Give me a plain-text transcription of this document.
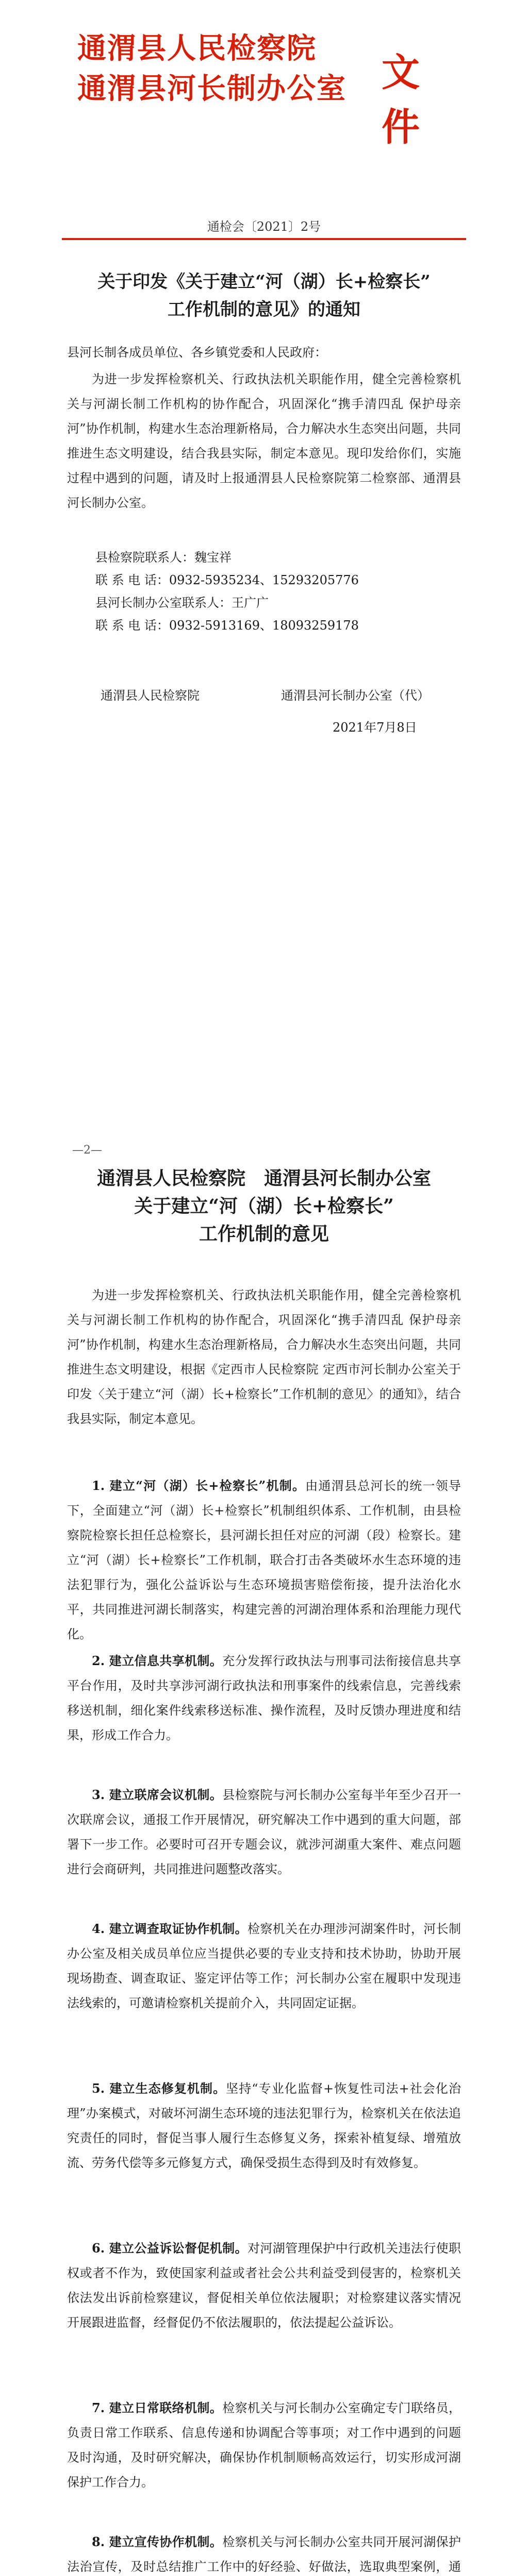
通渭县人民检察院
通渭县河长制办公室 文件
通检会〔2021〕2号
关于印发《关于建立“河（湖）长+检察长”
工作机制的意见》的通知
县河长制各成员单位、各乡镇党委和人民政府：
为进一步发挥检察机关、行政执法机关职能作用，健全完善检察机关与河湖长制工作机构的协作配合，巩固深化“携手清四乱 保护母亲河”协作机制，构建水生态治理新格局，合力解决水生态突出问题，共同推进生态文明建设，结合我县实际，制定本意见。现印发给你们，实施过程中遇到的问题，请及时上报通渭县人民检察院第二检察部、通渭县河长制办公室。
县检察院联系人：魏宝祥
联 系 电 话：0932-5935234、15293205776
县河长制办公室联系人：王广广
联 系 电 话：0932-5913169、18093259178
通渭县人民检察院	通渭县河长制办公室（代）
2021年7月8日
—2—
通渭县人民检察院　通渭县河长制办公室
关于建立“河（湖）长+检察长”
工作机制的意见
为进一步发挥检察机关、行政执法机关职能作用，健全完善检察机关与河湖长制工作机构的协作配合，巩固深化“携手清四乱 保护母亲河”协作机制，构建水生态治理新格局，合力解决水生态突出问题，共同推进生态文明建设，根据《定西市人民检察院 定西市河长制办公室关于印发〈关于建立“河（湖）长+检察长”工作机制的意见〉的通知》，结合我县实际，制定本意见。
1. 建立“河（湖）长+检察长”机制。由通渭县总河长的统一领导下，全面建立“河（湖）长+检察长”机制组织体系、工作机制，由县检察院检察长担任总检察长，县河湖长担任对应的河湖（段）检察长。建立“河（湖）长+检察长”工作机制，联合打击各类破坏水生态环境的违法犯罪行为，强化公益诉讼与生态环境损害赔偿衔接，提升法治化水平，共同推进河湖长制落实，构建完善的河湖治理体系和治理能力现代化。
2. 建立信息共享机制。充分发挥行政执法与刑事司法衔接信息共享平台作用，及时共享涉河湖行政执法和刑事案件的线索信息，完善线索移送机制，细化案件线索移送标准、操作流程，及时反馈办理进度和结果，形成工作合力。
3. 建立联席会议机制。县检察院与河长制办公室每半年至少召开一次联席会议，通报工作开展情况，研究解决工作中遇到的重大问题，部署下一步工作。必要时可召开专题会议，就涉河湖重大案件、难点问题进行会商研判，共同推进问题整改落实。
4. 建立调查取证协作机制。检察机关在办理涉河湖案件时，河长制办公室及相关成员单位应当提供必要的专业支持和技术协助，协助开展现场勘查、调查取证、鉴定评估等工作；河长制办公室在履职中发现违法线索的，可邀请检察机关提前介入，共同固定证据。
5. 建立生态修复机制。坚持“专业化监督+恢复性司法+社会化治理”办案模式，对破坏河湖生态环境的违法犯罪行为，检察机关在依法追究责任的同时，督促当事人履行生态修复义务，探索补植复绿、增殖放流、劳务代偿等多元修复方式，确保受损生态得到及时有效修复。
6. 建立公益诉讼督促机制。对河湖管理保护中行政机关违法行使职权或者不作为，致使国家利益或者社会公共利益受到侵害的，检察机关依法发出诉前检察建议，督促相关单位依法履职；对检察建议落实情况开展跟进监督，经督促仍不依法履职的，依法提起公益诉讼。
7. 建立日常联络机制。检察机关与河长制办公室确定专门联络员，负责日常工作联系、信息传递和协调配合等事项；对工作中遇到的问题及时沟通，及时研究解决，确保协作机制顺畅高效运行，切实形成河湖保护工作合力。
8. 建立宣传协作机制。检察机关与河长制办公室共同开展河湖保护法治宣传，及时总结推广工作中的好经验、好做法，选取典型案例，通
